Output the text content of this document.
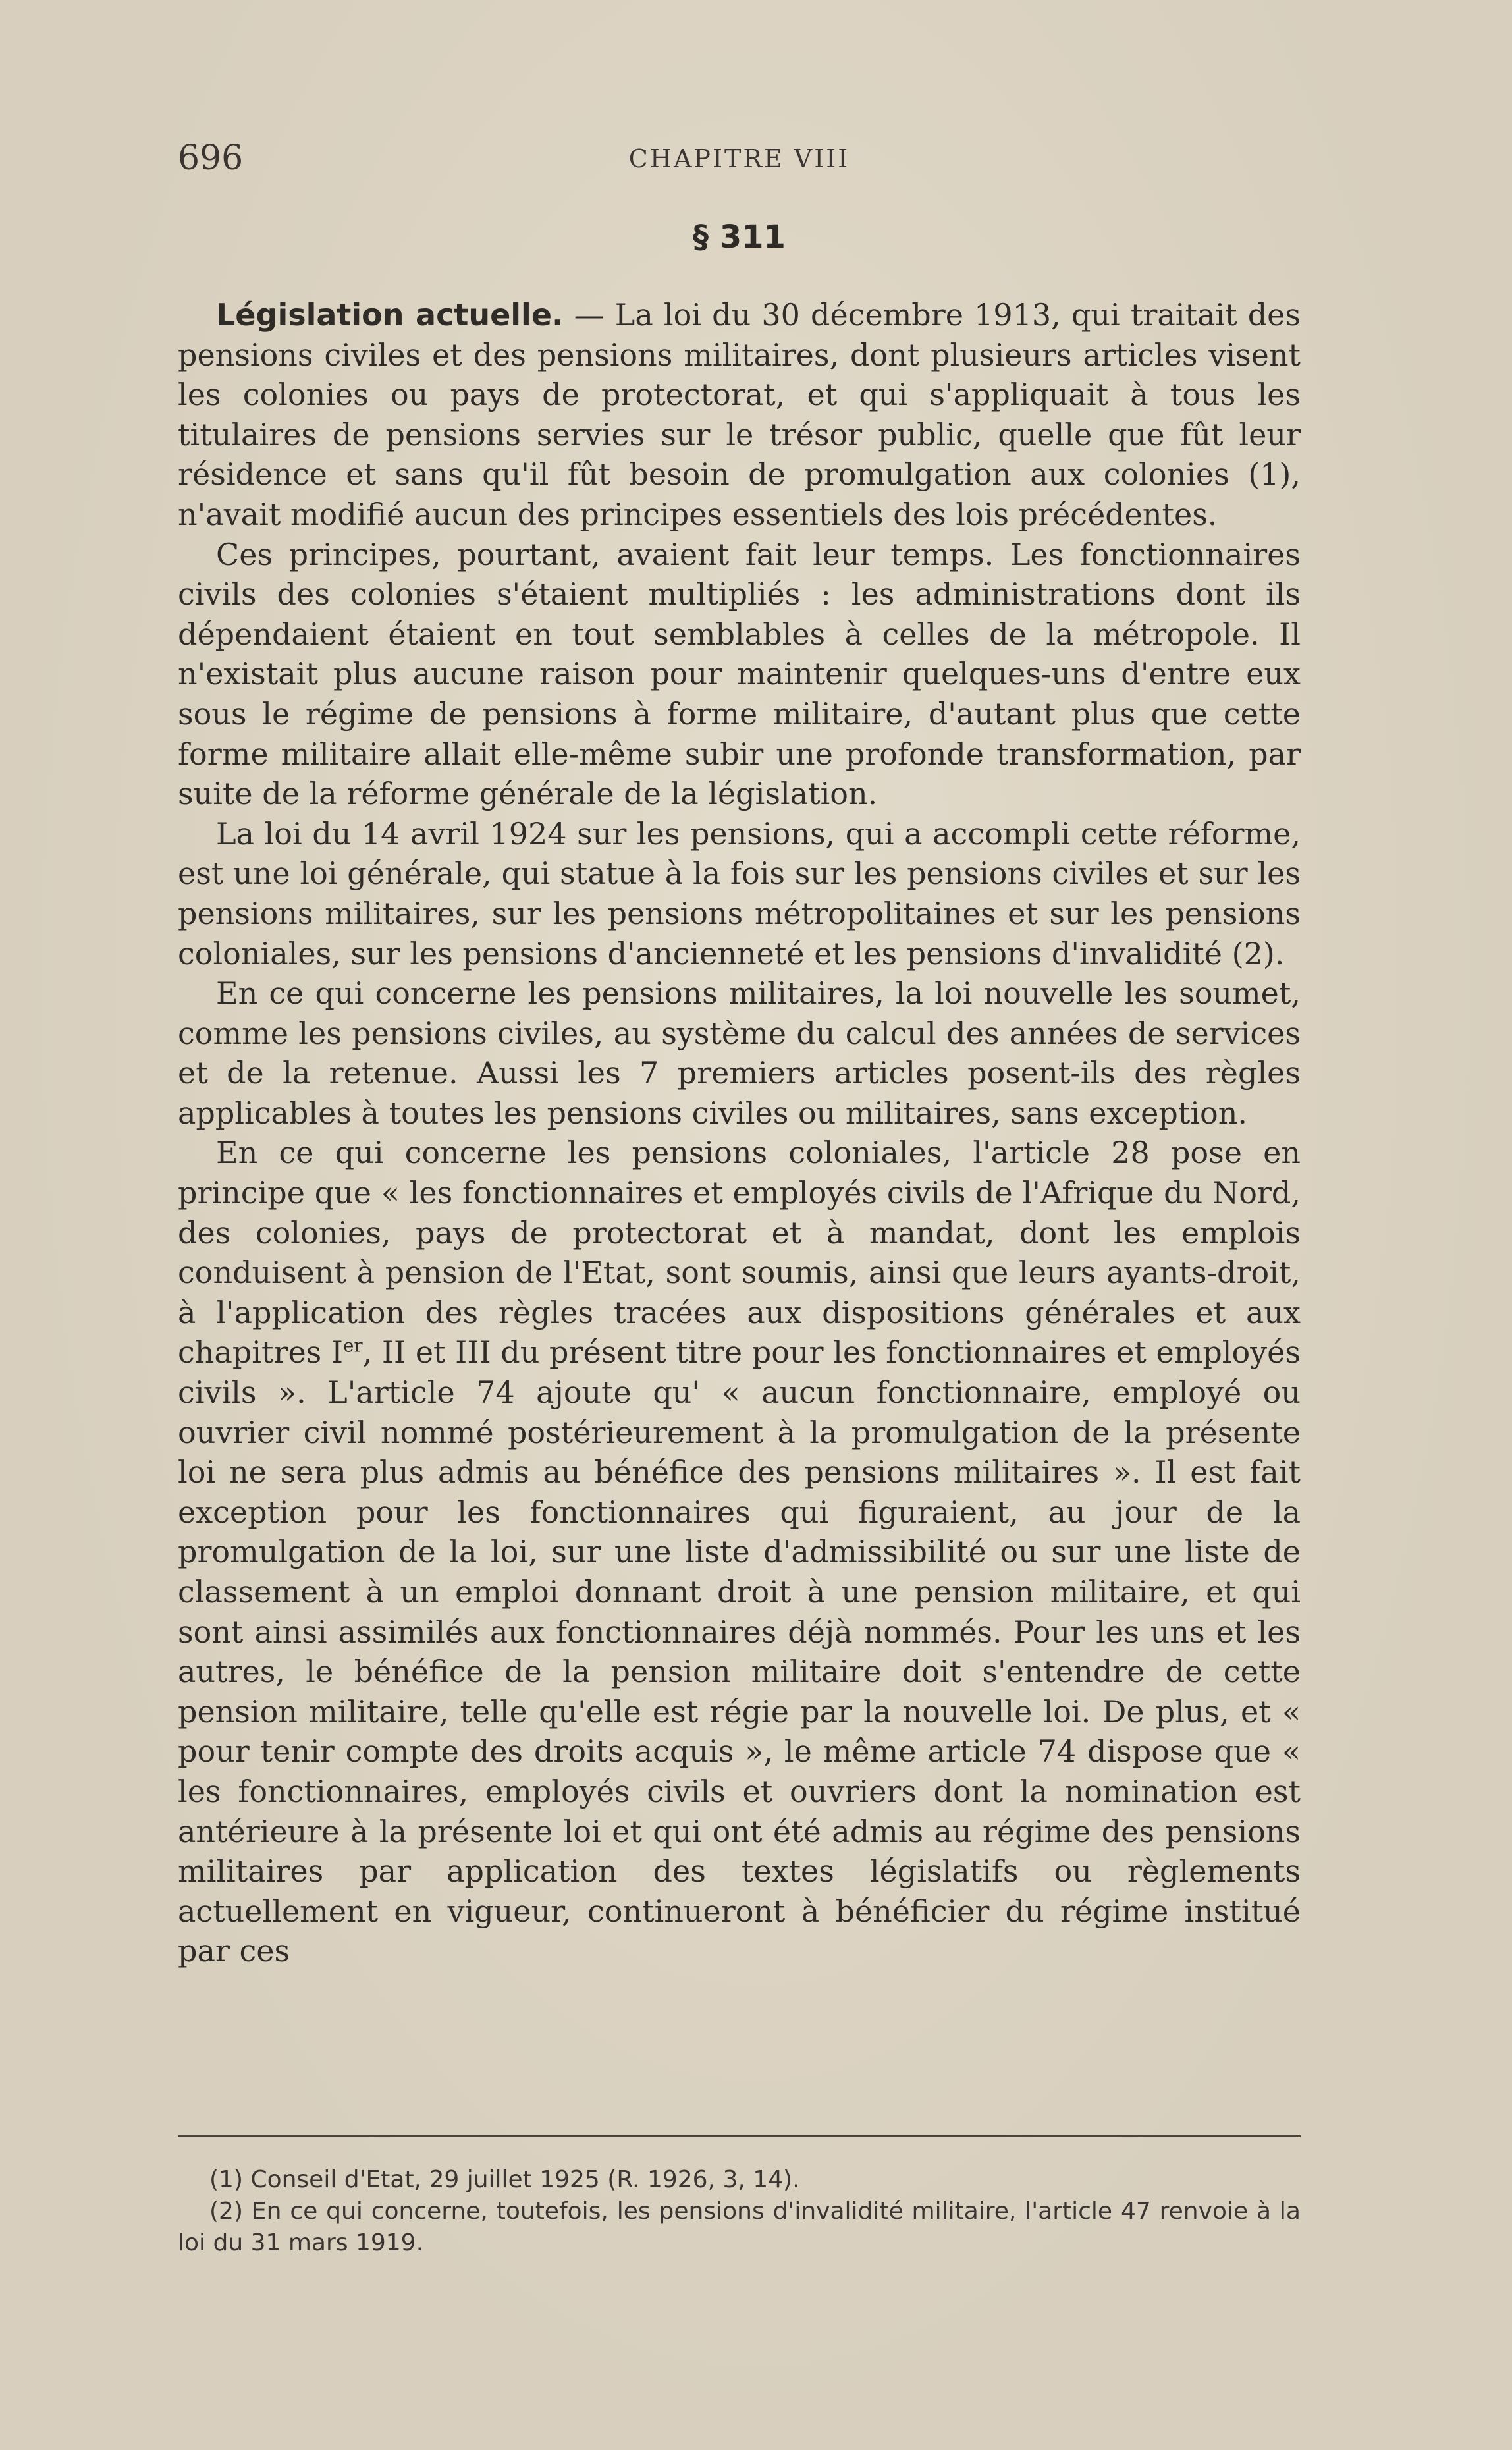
696	CHAPITRE VIII
§ 311

Législation actuelle. — La loi du 30 décembre 1913, qui traitait des pensions civiles et des pensions militaires, dont plusieurs articles visent les colonies ou pays de protectorat, et qui s'appliquait à tous les titulaires de pensions servies sur le trésor public, quelle que fût leur résidence et sans qu'il fût besoin de promulgation aux colonies (1), n'avait modifié aucun des principes essentiels des lois précédentes.

Ces principes, pourtant, avaient fait leur temps. Les fonctionnaires civils des colonies s'étaient multipliés : les administrations dont ils dépendaient étaient en tout semblables à celles de la métropole. Il n'existait plus aucune raison pour maintenir quelques-uns d'entre eux sous le régime de pensions à forme militaire, d'autant plus que cette forme militaire allait elle-même subir une profonde transformation, par suite de la réforme générale de la législation.

La loi du 14 avril 1924 sur les pensions, qui a accompli cette réforme, est une loi générale, qui statue à la fois sur les pensions civiles et sur les pensions militaires, sur les pensions métropolitaines et sur les pensions coloniales, sur les pensions d'ancienneté et les pensions d'invalidité (2).

En ce qui concerne les pensions militaires, la loi nouvelle les soumet, comme les pensions civiles, au système du calcul des années de services et de la retenue. Aussi les 7 premiers articles posent-ils des règles applicables à toutes les pensions civiles ou militaires, sans exception.

En ce qui concerne les pensions coloniales, l'article 28 pose en principe que « les fonctionnaires et employés civils de l'Afrique du Nord, des colonies, pays de protectorat et à mandat, dont les emplois conduisent à pension de l'Etat, sont soumis, ainsi que leurs ayants-droit, à l'application des règles tracées aux dispositions générales et aux chapitres Ier, II et III du présent titre pour les fonctionnaires et employés civils ». L'article 74 ajoute qu' « aucun fonctionnaire, employé ou ouvrier civil nommé postérieurement à la promulgation de la présente loi ne sera plus admis au bénéfice des pensions militaires ». Il est fait exception pour les fonctionnaires qui figuraient, au jour de la promulgation de la loi, sur une liste d'admissibilité ou sur une liste de classement à un emploi donnant droit à une pension militaire, et qui sont ainsi assimilés aux fonctionnaires déjà nommés. Pour les uns et les autres, le bénéfice de la pension militaire doit s'entendre de cette pension militaire, telle qu'elle est régie par la nouvelle loi. De plus, et « pour tenir compte des droits acquis », le même article 74 dispose que « les fonctionnaires, employés civils et ouvriers dont la nomination est antérieure à la présente loi et qui ont été admis au régime des pensions militaires par application des textes législatifs ou règlements actuellement en vigueur, continueront à bénéficier du régime institué par ces

(1) Conseil d'Etat, 29 juillet 1925 (R. 1926, 3, 14).

(2) En ce qui concerne, toutefois, les pensions d'invalidité militaire, l'article 47 renvoie à la loi du 31 mars 1919.
